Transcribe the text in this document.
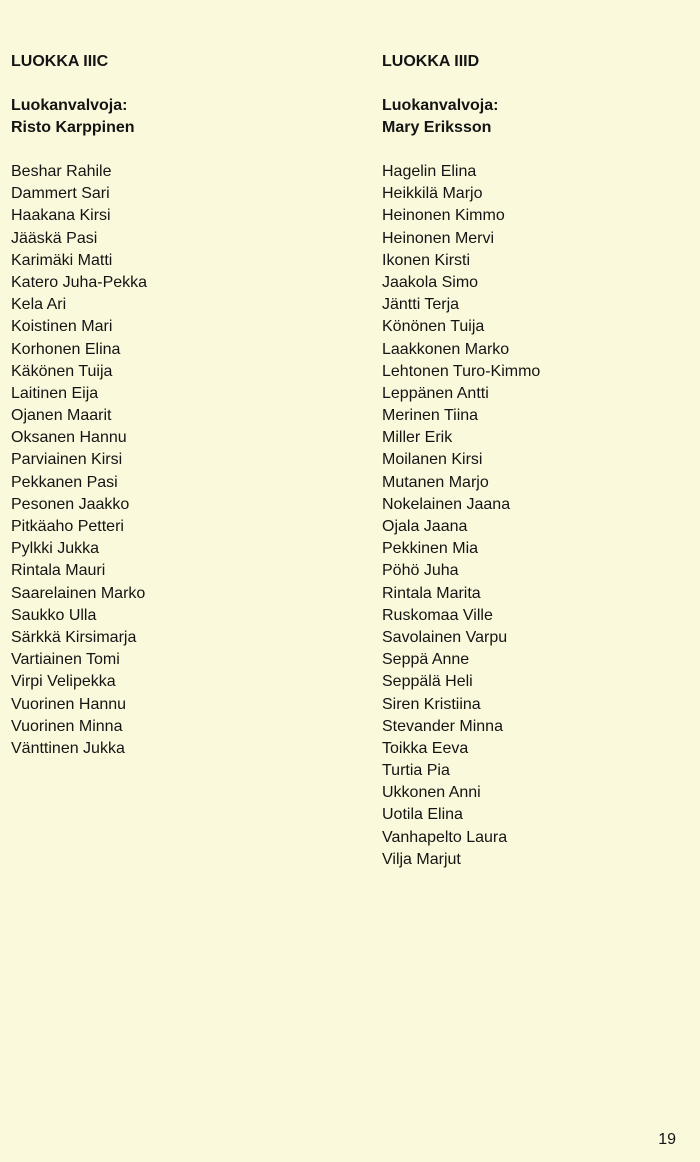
LUOKKA IIIC
Luokanvalvoja:
Risto Karppinen
Beshar Rahile
Dammert Sari
Haakana Kirsi
Jääskä Pasi
Karimäki Matti
Katero Juha-Pekka
Kela Ari
Koistinen Mari
Korhonen Elina
Käkönen Tuija
Laitinen Eija
Ojanen Maarit
Oksanen Hannu
Parviainen Kirsi
Pekkanen Pasi
Pesonen Jaakko
Pitkäaho Petteri
Pylkki Jukka
Rintala Mauri
Saarelainen Marko
Saukko Ulla
Särkkä Kirsimarja
Vartiainen Tomi
Virpi Velipekka
Vuorinen Hannu
Vuorinen Minna
Vänttinen Jukka
LUOKKA IIID
Luokanvalvoja:
Mary Eriksson
Hagelin Elina
Heikkilä Marjo
Heinonen Kimmo
Heinonen Mervi
Ikonen Kirsti
Jaakola Simo
Jäntti Terja
Könönen Tuija
Laakkonen Marko
Lehtonen Turo-Kimmo
Leppänen Antti
Merinen Tiina
Miller Erik
Moilanen Kirsi
Mutanen Marjo
Nokelainen Jaana
Ojala Jaana
Pekkinen Mia
Pöhö Juha
Rintala Marita
Ruskomaa Ville
Savolainen Varpu
Seppä Anne
Seppälä Heli
Siren Kristiina
Stevander Minna
Toikka Eeva
Turtia Pia
Ukkonen Anni
Uotila Elina
Vanhapelto Laura
Vilja Marjut
19
